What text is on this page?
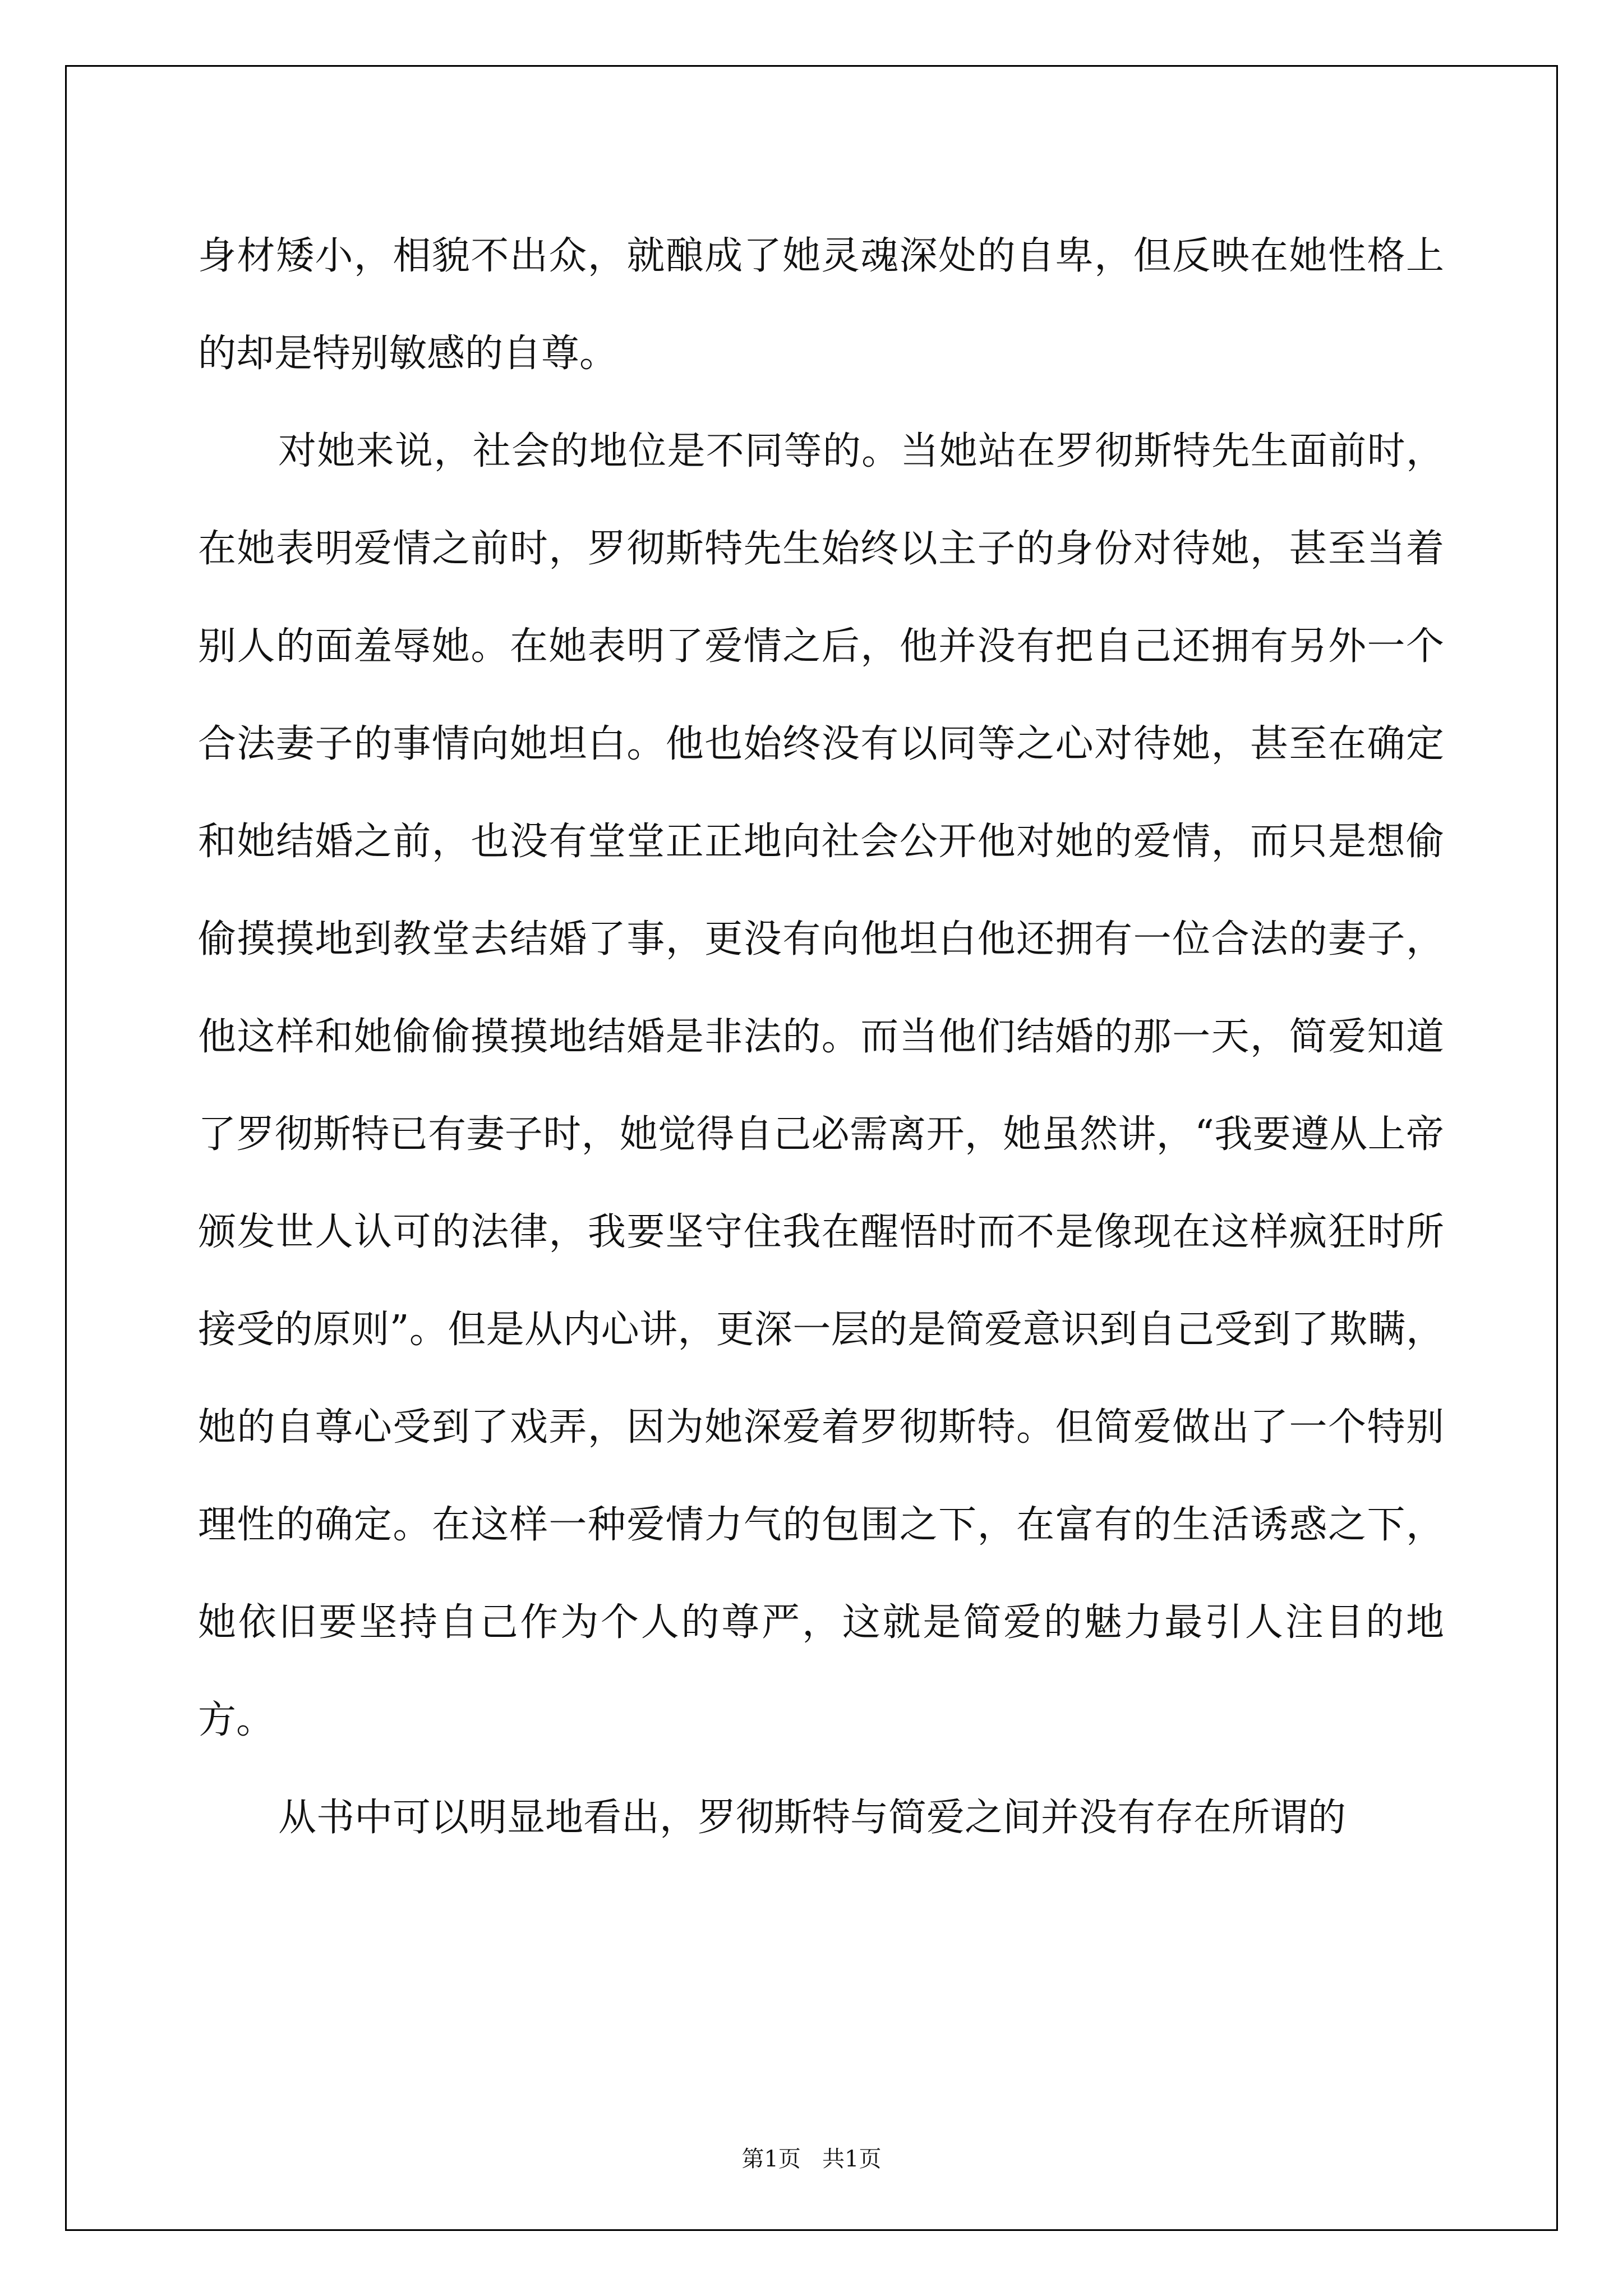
身材矮小，相貌不出众，就酿成了她灵魂深处的自卑，但反映在她性格上的却是特别敏感的自尊。

对她来说，社会的地位是不同等的。当她站在罗彻斯特先生面前时，在她表明爱情之前时，罗彻斯特先生始终以主子的身份对待她，甚至当着别人的面羞辱她。在她表明了爱情之后，他并没有把自己还拥有另外一个合法妻子的事情向她坦白。他也始终没有以同等之心对待她，甚至在确定和她结婚之前，也没有堂堂正正地向社会公开他对她的爱情，而只是想偷偷摸摸地到教堂去结婚了事，更没有向他坦白他还拥有一位合法的妻子，他这样和她偷偷摸摸地结婚是非法的。而当他们结婚的那一天，简爱知道了罗彻斯特已有妻子时，她觉得自己必需离开，她虽然讲，“我要遵从上帝颁发世人认可的法律，我要坚守住我在醒悟时而不是像现在这样疯狂时所接受的原则”。但是从内心讲，更深一层的是简爱意识到自己受到了欺瞒，她的自尊心受到了戏弄，因为她深爱着罗彻斯特。但简爱做出了一个特别理性的确定。在这样一种爱情力气的包围之下，在富有的生活诱惑之下，她依旧要坚持自己作为个人的尊严，这就是简爱的魅力最引人注目的地方。

从书中可以明显地看出，罗彻斯特与简爱之间并没有存在所谓的

第1页   共1页
